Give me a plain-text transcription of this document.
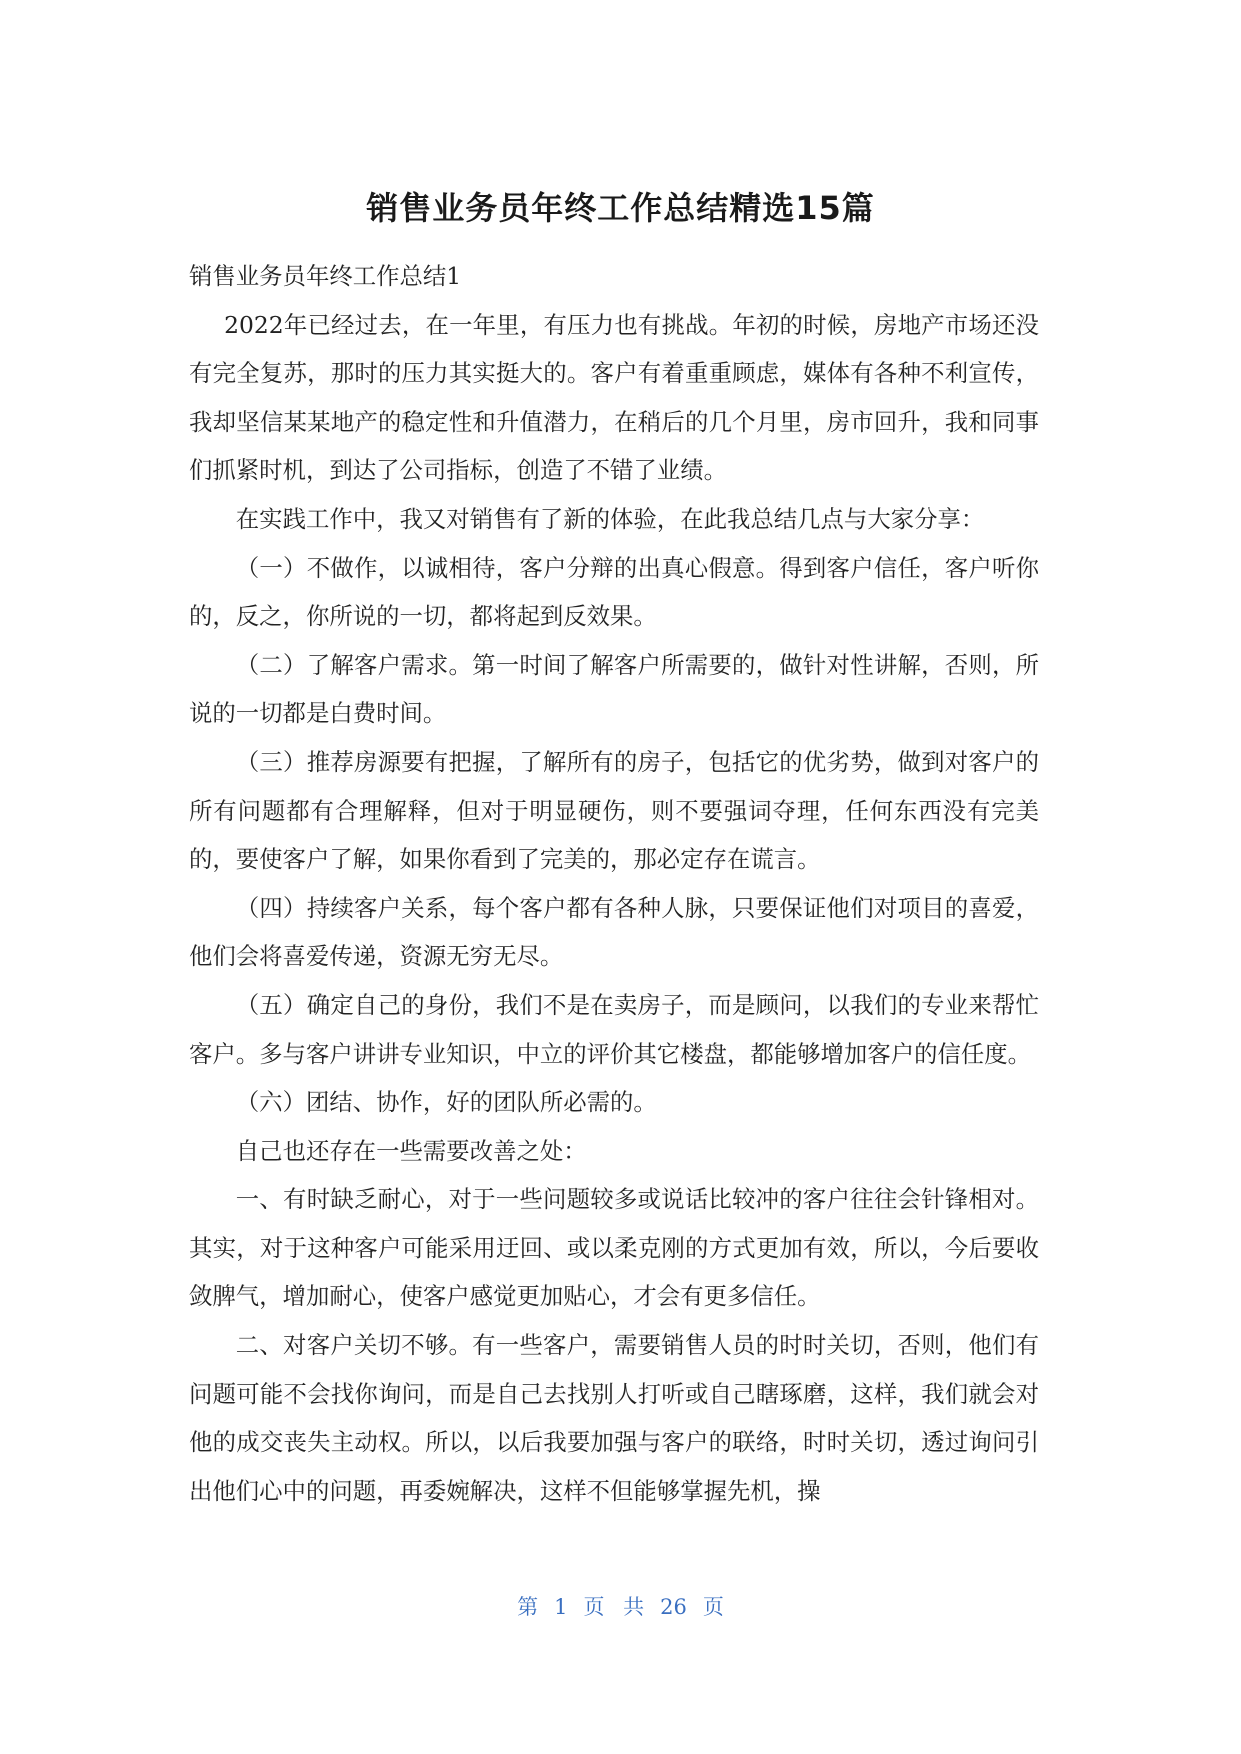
销售业务员年终工作总结精选15篇

销售业务员年终工作总结1

2022年已经过去，在一年里，有压力也有挑战。年初的时候，房地产市场还没有完全复苏，那时的压力其实挺大的。客户有着重重顾虑，媒体有各种不利宣传，我却坚信某某地产的稳定性和升值潜力，在稍后的几个月里，房市回升，我和同事们抓紧时机，到达了公司指标，创造了不错了业绩。

在实践工作中，我又对销售有了新的体验，在此我总结几点与大家分享：

（一）不做作，以诚相待，客户分辩的出真心假意。得到客户信任，客户听你的，反之，你所说的一切，都将起到反效果。

（二）了解客户需求。第一时间了解客户所需要的，做针对性讲解，否则，所说的一切都是白费时间。

（三）推荐房源要有把握，了解所有的房子，包括它的优劣势，做到对客户的所有问题都有合理解释，但对于明显硬伤，则不要强词夺理，任何东西没有完美的，要使客户了解，如果你看到了完美的，那必定存在谎言。

（四）持续客户关系，每个客户都有各种人脉，只要保证他们对项目的喜爱，他们会将喜爱传递，资源无穷无尽。

（五）确定自己的身份，我们不是在卖房子，而是顾问，以我们的专业来帮忙客户。多与客户讲讲专业知识，中立的评价其它楼盘，都能够增加客户的信任度。

（六）团结、协作，好的团队所必需的。

自己也还存在一些需要改善之处：

一、有时缺乏耐心，对于一些问题较多或说话比较冲的客户往往会针锋相对。其实，对于这种客户可能采用迂回、或以柔克刚的方式更加有效，所以，今后要收敛脾气，增加耐心，使客户感觉更加贴心，才会有更多信任。

二、对客户关切不够。有一些客户，需要销售人员的时时关切，否则，他们有问题可能不会找你询问，而是自己去找别人打听或自己瞎琢磨，这样，我们就会对他的成交丧失主动权。所以，以后我要加强与客户的联络，时时关切，透过询问引出他们心中的问题，再委婉解决，这样不但能够掌握先机，操

第 1 页 共 26 页
